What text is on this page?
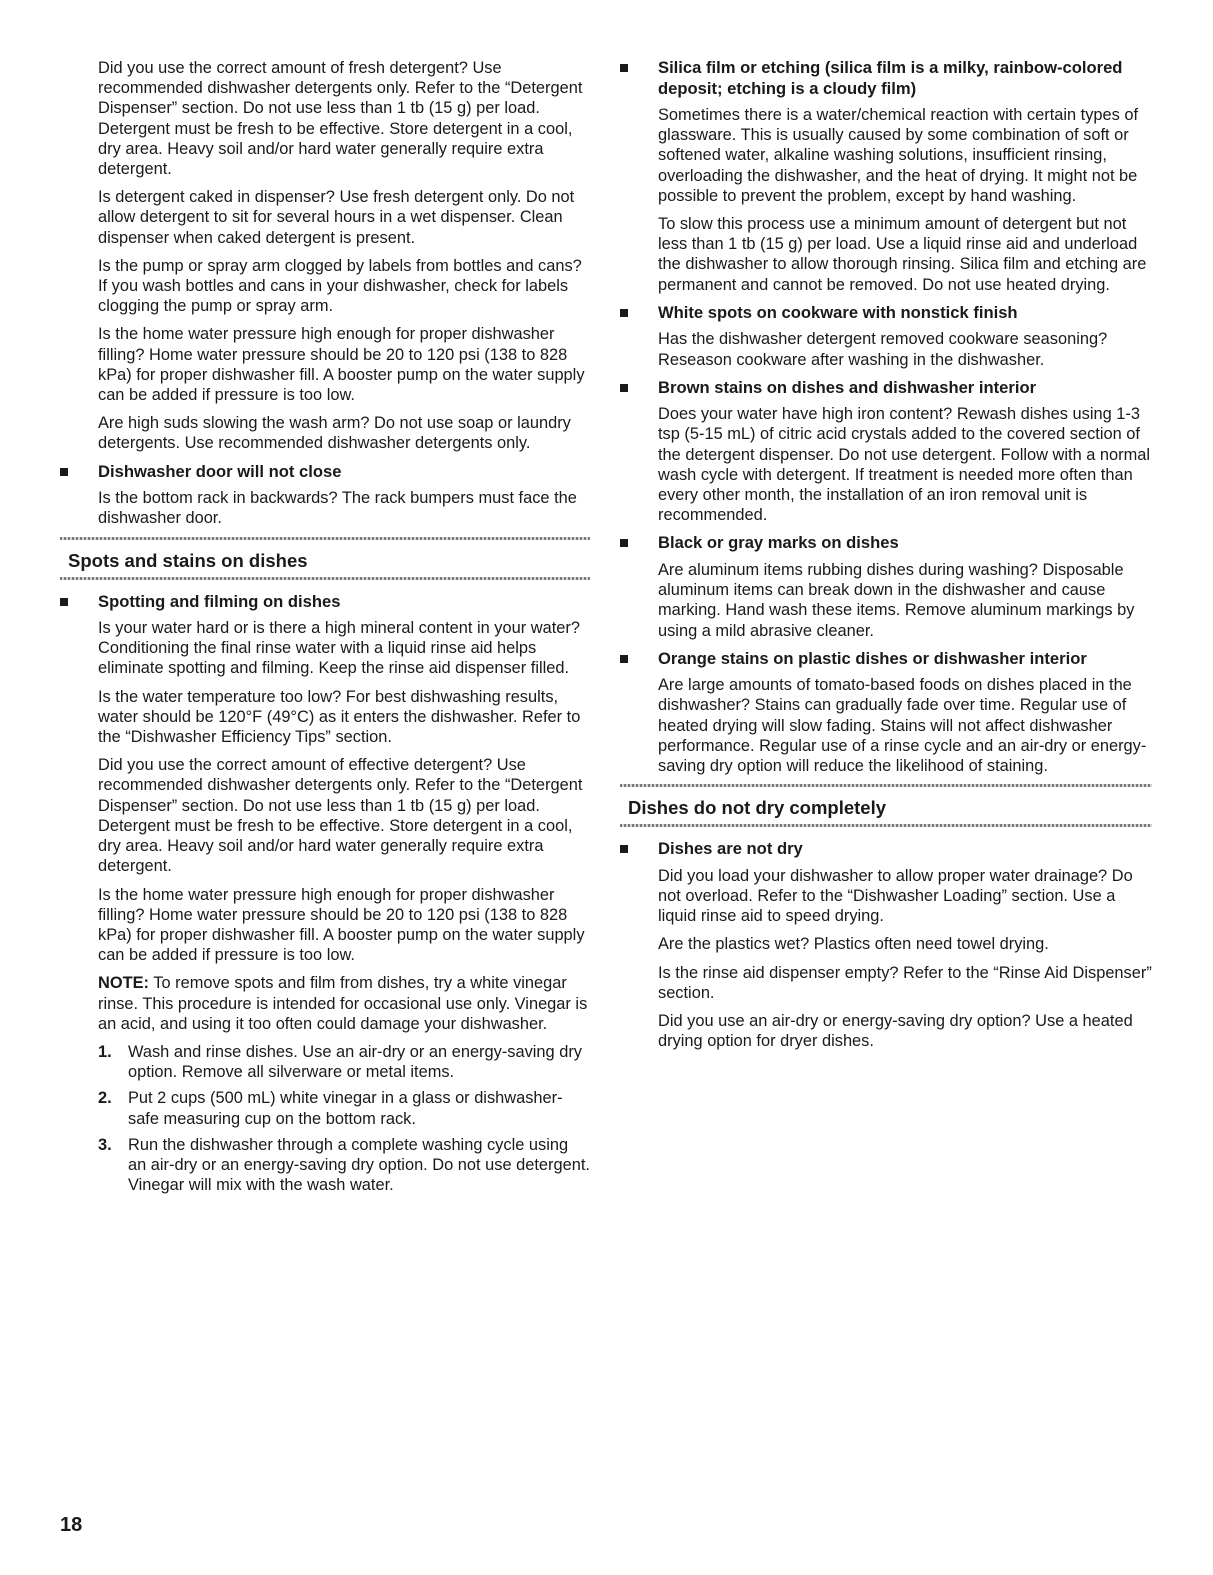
Did you use the correct amount of fresh detergent? Use recommended dishwasher detergents only. Refer to the “Detergent Dispenser” section. Do not use less than 1 tb (15 g) per load. Detergent must be fresh to be effective. Store detergent in a cool, dry area. Heavy soil and/or hard water generally require extra detergent.

Is detergent caked in dispenser? Use fresh detergent only. Do not allow detergent to sit for several hours in a wet dispenser. Clean dispenser when caked detergent is present.

Is the pump or spray arm clogged by labels from bottles and cans? If you wash bottles and cans in your dishwasher, check for labels clogging the pump or spray arm.

Is the home water pressure high enough for proper dishwasher filling? Home water pressure should be 20 to 120 psi (138 to 828 kPa) for proper dishwasher fill. A booster pump on the water supply can be added if pressure is too low.

Are high suds slowing the wash arm? Do not use soap or laundry detergents. Use recommended dishwasher detergents only.

Dishwasher door will not close

Is the bottom rack in backwards? The rack bumpers must face the dishwasher door.

Spots and stains on dishes
Spotting and filming on dishes

Is your water hard or is there a high mineral content in your water? Conditioning the final rinse water with a liquid rinse aid helps eliminate spotting and filming. Keep the rinse aid dispenser filled.

Is the water temperature too low? For best dishwashing results, water should be 120°F (49°C) as it enters the dishwasher. Refer to the “Dishwasher Efficiency Tips” section.

Did you use the correct amount of effective detergent? Use recommended dishwasher detergents only. Refer to the “Detergent Dispenser” section. Do not use less than 1 tb (15 g) per load. Detergent must be fresh to be effective. Store detergent in a cool, dry area. Heavy soil and/or hard water generally require extra detergent.

Is the home water pressure high enough for proper dishwasher filling? Home water pressure should be 20 to 120 psi (138 to 828 kPa) for proper dishwasher fill. A booster pump on the water supply can be added if pressure is too low.

NOTE: To remove spots and film from dishes, try a white vinegar rinse. This procedure is intended for occasional use only. Vinegar is an acid, and using it too often could damage your dishwasher.

1. Wash and rinse dishes. Use an air-dry or an energy-saving dry option. Remove all silverware or metal items.
2. Put 2 cups (500 mL) white vinegar in a glass or dishwasher-safe measuring cup on the bottom rack.
3. Run the dishwasher through a complete washing cycle using an air-dry or an energy-saving dry option. Do not use detergent. Vinegar will mix with the wash water.
Silica film or etching (silica film is a milky, rainbow-colored deposit; etching is a cloudy film)

Sometimes there is a water/chemical reaction with certain types of glassware. This is usually caused by some combination of soft or softened water, alkaline washing solutions, insufficient rinsing, overloading the dishwasher, and the heat of drying. It might not be possible to prevent the problem, except by hand washing.

To slow this process use a minimum amount of detergent but not less than 1 tb (15 g) per load. Use a liquid rinse aid and underload the dishwasher to allow thorough rinsing. Silica film and etching are permanent and cannot be removed. Do not use heated drying.

White spots on cookware with nonstick finish

Has the dishwasher detergent removed cookware seasoning? Reseason cookware after washing in the dishwasher.

Brown stains on dishes and dishwasher interior

Does your water have high iron content? Rewash dishes using 1-3 tsp (5-15 mL) of citric acid crystals added to the covered section of the detergent dispenser. Do not use detergent. Follow with a normal wash cycle with detergent. If treatment is needed more often than every other month, the installation of an iron removal unit is recommended.

Black or gray marks on dishes

Are aluminum items rubbing dishes during washing? Disposable aluminum items can break down in the dishwasher and cause marking. Hand wash these items. Remove aluminum markings by using a mild abrasive cleaner.

Orange stains on plastic dishes or dishwasher interior

Are large amounts of tomato-based foods on dishes placed in the dishwasher? Stains can gradually fade over time. Regular use of heated drying will slow fading. Stains will not affect dishwasher performance. Regular use of a rinse cycle and an air-dry or energy-saving dry option will reduce the likelihood of staining.

Dishes do not dry completely
Dishes are not dry

Did you load your dishwasher to allow proper water drainage? Do not overload. Refer to the “Dishwasher Loading” section. Use a liquid rinse aid to speed drying.

Are the plastics wet? Plastics often need towel drying.

Is the rinse aid dispenser empty? Refer to the “Rinse Aid Dispenser” section.

Did you use an air-dry or energy-saving dry option? Use a heated drying option for dryer dishes.

18
